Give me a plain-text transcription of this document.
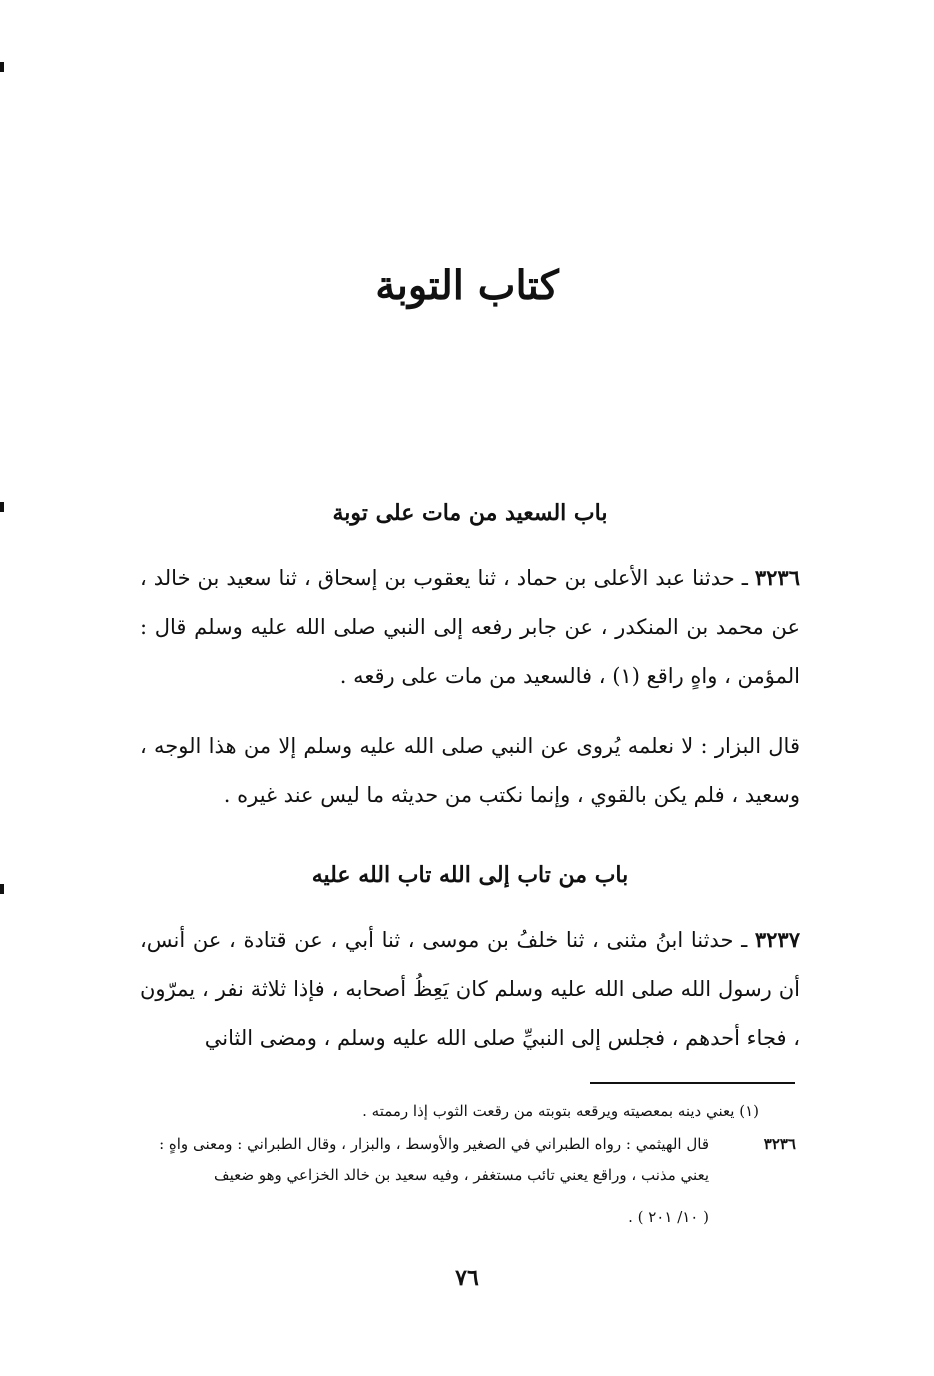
كتاب التوبة
باب السعيد من مات على توبة
٣٢٣٦ ـ حدثنا عبد الأعلى بن حماد ، ثنا يعقوب بن إسحاق ، ثنا سعيد بن خالد ، عن محمد بن المنكدر ، عن جابر رفعه إلى النبي صلى الله عليه وسلم قال : المؤمن ، واهٍ راقع (١) ، فالسعيد من مات على رقعه .
قال البزار : لا نعلمه يُروى عن النبي صلى الله عليه وسلم إلا من هذا الوجه ، وسعيد ، فلم يكن بالقوي ، وإنما نكتب من حديثه ما ليس عند غيره .
باب من تاب إلى الله تاب الله عليه
٣٢٣٧ ـ حدثنا ابنُ مثنى ، ثنا خلفُ بن موسى ، ثنا أبي ، عن قتادة ، عن أنس، أن رسول الله صلى الله عليه وسلم كان يَعِظُ أصحابه ، فإذا ثلاثة نفر ، يمرّون ، فجاء أحدهم ، فجلس إلى النبيِّ صلى الله عليه وسلم ، ومضى الثاني
(١) يعني دينه بمعصيته ويرقعه بتوبته من رقعت الثوب إذا رممته .
٣٢٣٦
قال الهيثمي : رواه الطبراني في الصغير والأوسط ، والبزار ، وقال الطبراني : ومعنى واهٍ :
يعني مذنب ، وراقع يعني تائب مستغفر ، وفيه سعيد بن خالد الخزاعي وهو ضعيف
( ١٠/ ٢٠١ ) .
٧٦
